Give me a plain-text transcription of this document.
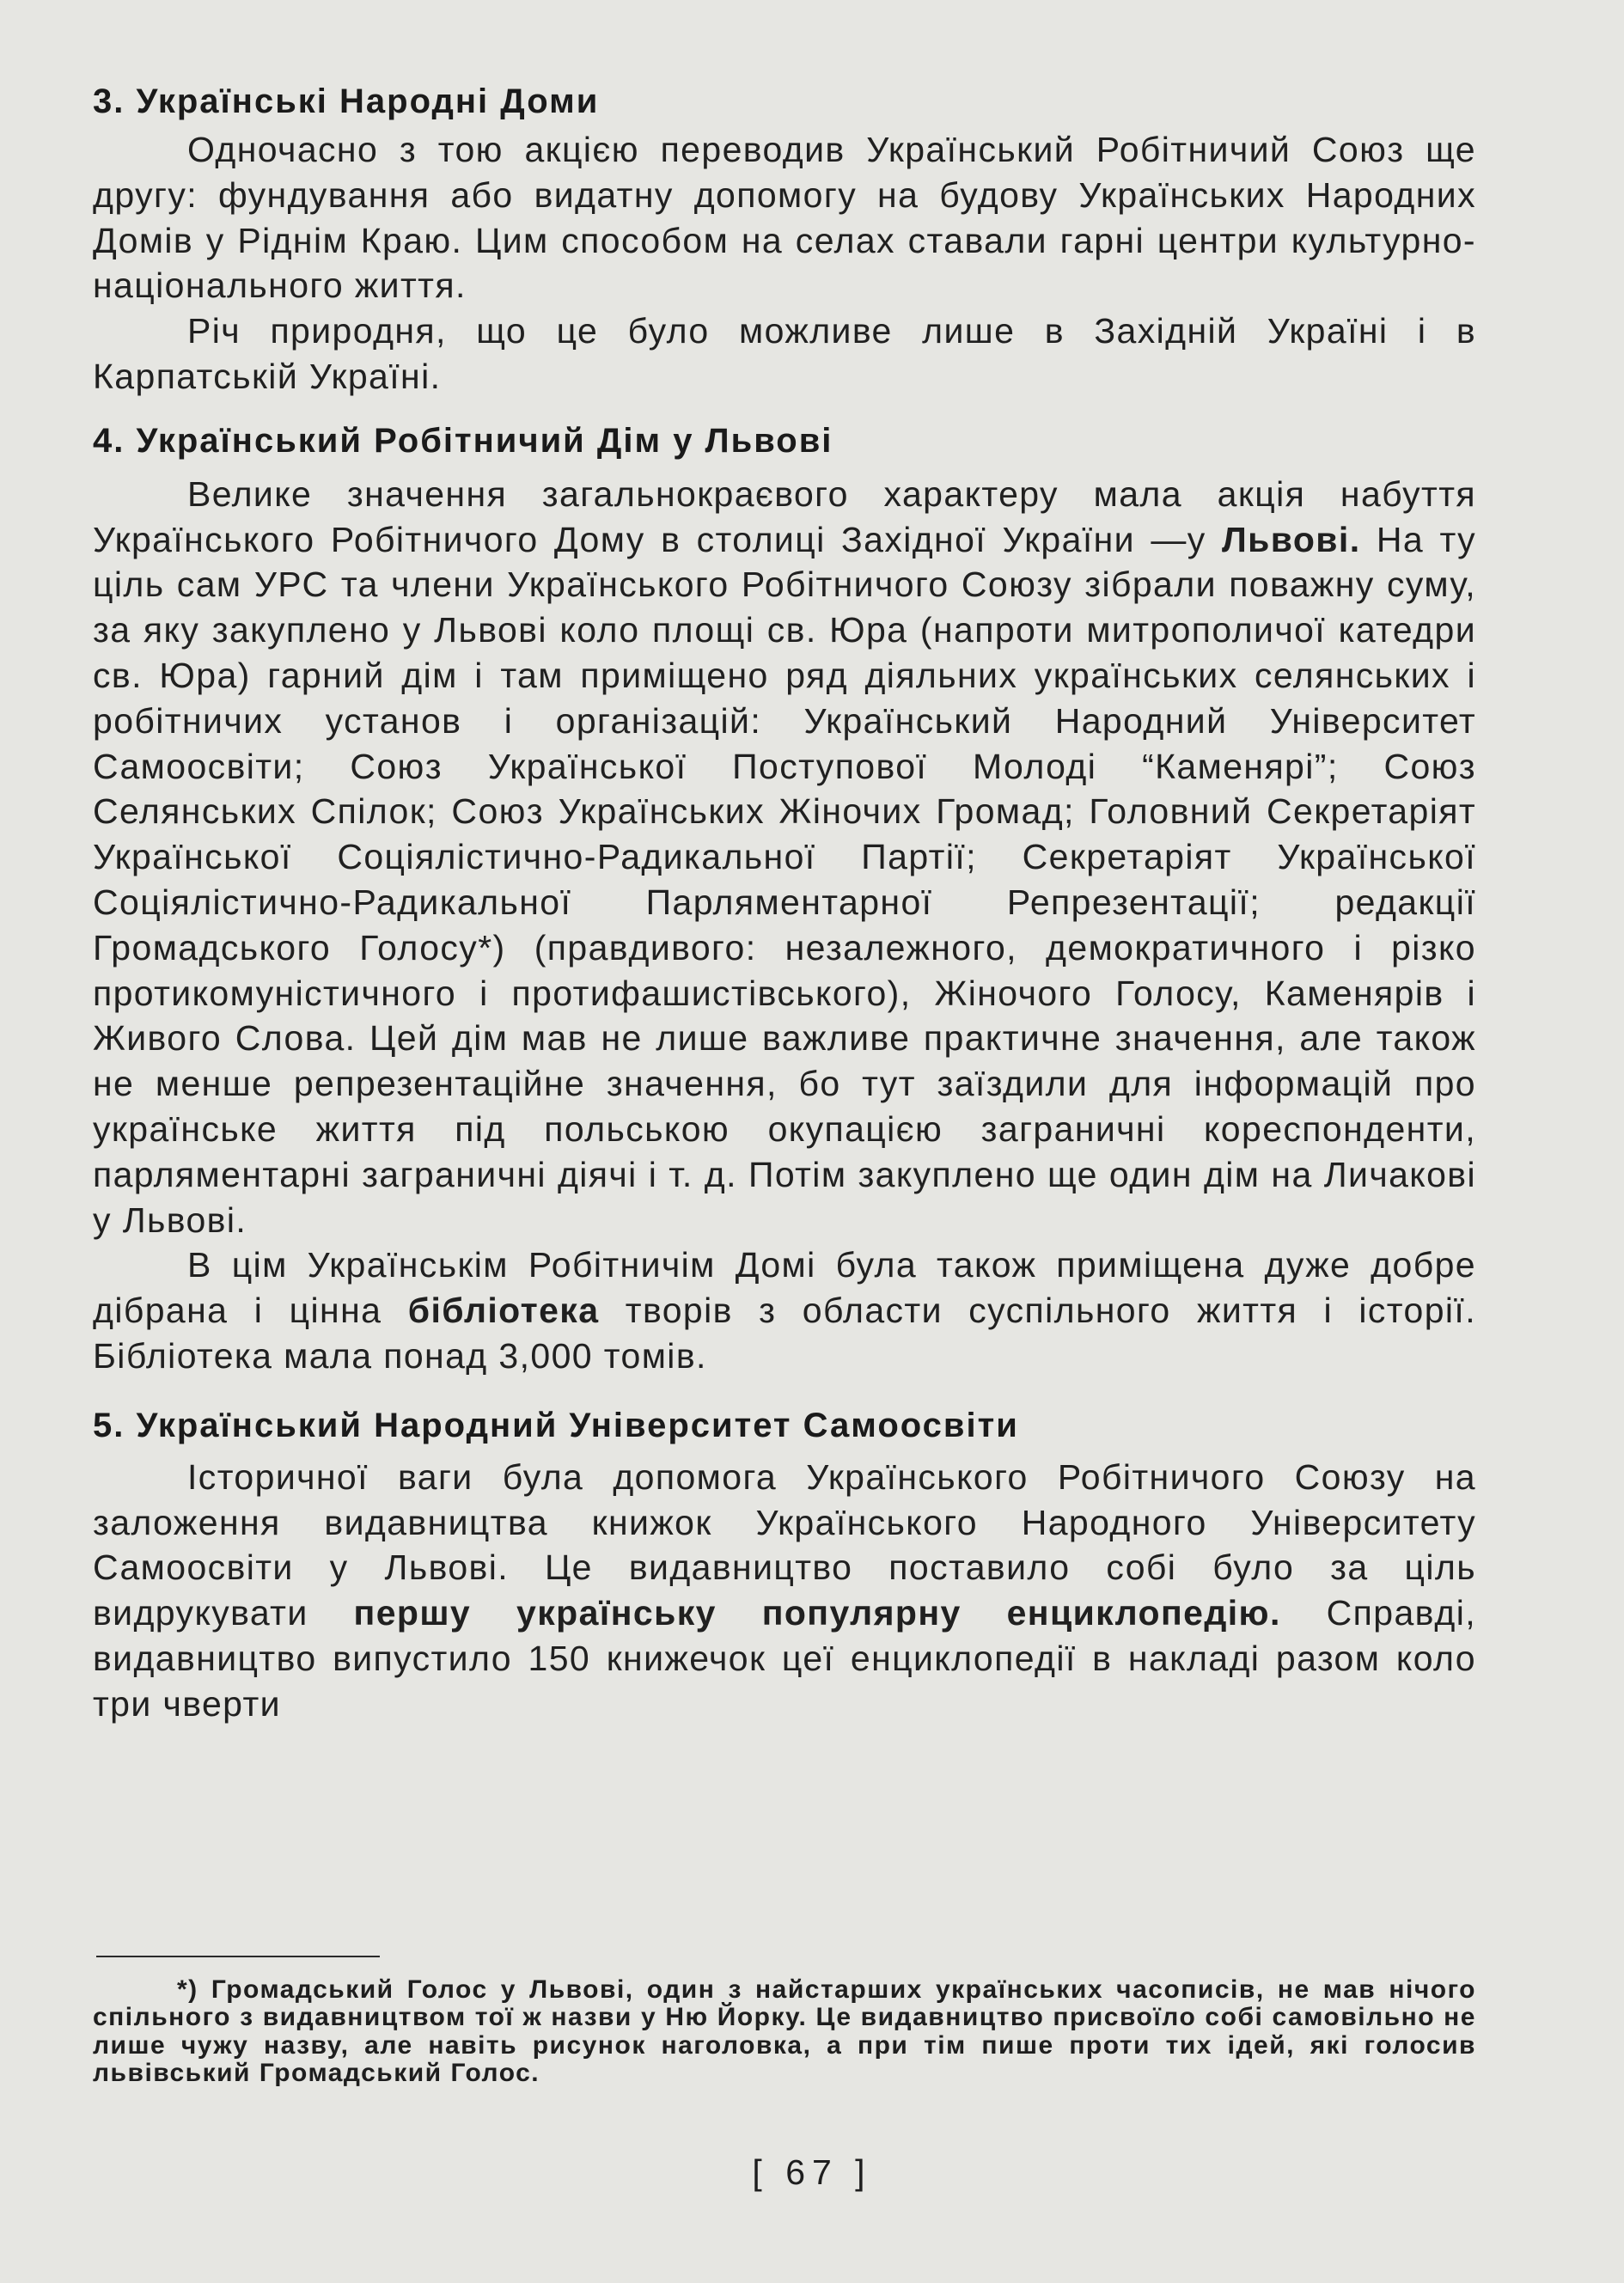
3. Українські Народні Доми

Одночасно з тою акцією переводив Український Робітничий Союз ще другу: фундування або видатну допомогу на будову Українських Народних Домів у Ріднім Краю. Цим способом на селах ставали гарні центри культурно-національного життя.

Річ природня, що це було можливе лише в Західній Україні і в Карпатській Україні.

4. Український Робітничий Дім у Львові

Велике значення загальнокраєвого характеру мала акція набуття Українського Робітничого Дому в столиці Західної України —у Львові. На ту ціль сам УРС та члени Українського Робітничого Союзу зібрали поважну суму, за яку закуплено у Львові коло площі св. Юра (напроти митрополичої катедри св. Юра) гарний дім і там приміщено ряд діяльних українських селянських і робітничих установ і організацій: Український Народний Університет Самоосвіти; Союз Української Поступової Молоді “Каменярі”; Союз Селянських Спілок; Союз Українських Жіночих Громад; Головний Секретаріят Української Соціялістично-Радикальної Партії; Секретаріят Української Соціялістично-Радикальної Парляментарної Репрезентації; редакції Громадського Голосу*) (правдивого: незалежного, демократичного і різко протикомуністичного і протифашистівського), Жіночого Голосу, Каменярів і Живого Слова. Цей дім мав не лише важливе практичне значення, але також не менше репрезентаційне значення, бо тут заїздили для інформацій про українське життя під польською окупацією заграничні кореспонденти, парляментарні заграничні діячі і т. д. Потім закуплено ще один дім на Личакові у Львові.

В цім Українськім Робітничім Домі була також приміщена дуже добре дібрана і цінна бібліотека творів з области суспільного життя і історії. Бібліотека мала понад 3,000 томів.

5. Український Народний Університет Самоосвіти

Історичної ваги була допомога Українського Робітничого Союзу на заложення видавництва книжок Українського Народного Університету Самоосвіти у Львові. Це видавництво поставило собі було за ціль видрукувати першу українську популярну енциклопедію. Справді, видавництво випустило 150 книжечок цеї енциклопедії в накладі разом коло три чверти

*) Громадський Голос у Львові, один з найстарших українських часописів, не мав нічого спільного з видавництвом тої ж назви у Ню Йорку. Це видавництво присвоїло собі самовільно не лише чужу назву, але навіть рисунок наголовка, а при тім пише проти тих ідей, які голосив львівський Громадський Голос.

[ 67 ]
